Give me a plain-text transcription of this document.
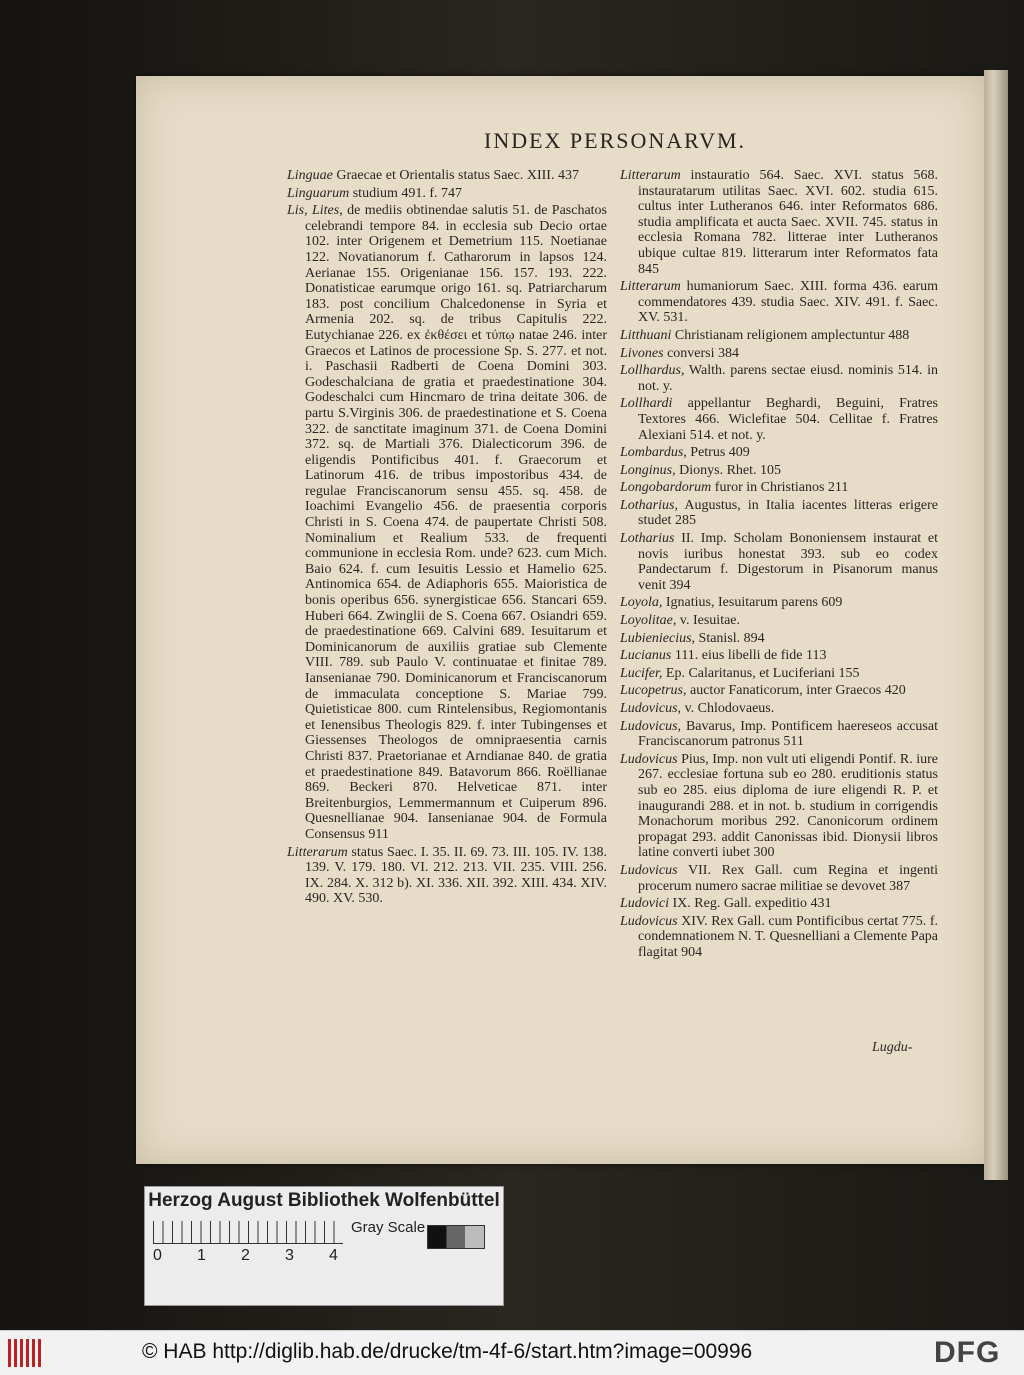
INDEX PERSONARVM.

Linguae Graecae et Orientalis status Saec. XIII. 437

Linguarum studium 491. f. 747

Lis, Lites, de mediis obtinendae salutis 51. de Paschatos celebrandi tempore 84. in ecclesia sub Decio ortae 102. inter Origenem et Demetrium 115. Noetianae 122. Novatianorum f. Catharorum in lapsos 124. Aerianae 155. Origenianae 156. 157. 193. 222. Donatisticae earumque origo 161. sq. Patriarcharum 183. post concilium Chalcedonense in Syria et Armenia 202. sq. de tribus Capitulis 222. Eutychianae 226. ex ἐκθέσει et τύπῳ natae 246. inter Graecos et Latinos de processione Sp. S. 277. et not. i. Paschasii Radberti de Coena Domini 303. Godeschalciana de gratia et praedestinatione 304. Godeschalci cum Hincmaro de trina deitate 306. de partu S.Virginis 306. de praedestinatione et S. Coena 322. de sanctitate imaginum 371. de Coena Domini 372. sq. de Martiali 376. Dialecticorum 396. de eligendis Pontificibus 401. f. Graecorum et Latinorum 416. de tribus impostoribus 434. de regulae Franciscanorum sensu 455. sq. 458. de Ioachimi Evangelio 456. de praesentia corporis Christi in S. Coena 474. de paupertate Christi 508. Nominalium et Realium 533. de frequenti communione in ecclesia Rom. unde? 623. cum Mich. Baio 624. f. cum Iesuitis Lessio et Hamelio 625. Antinomica 654. de Adiaphoris 655. Maioristica de bonis operibus 656. synergisticae 656. Stancari 659. Huberi 664. Zwinglii de S. Coena 667. Osiandri 659. de praedestinatione 669. Calvini 689. Iesuitarum et Dominicanorum de auxiliis gratiae sub Clemente VIII. 789. sub Paulo V. continuatae et finitae 789. Iansenianae 790. Dominicanorum et Franciscanorum de immaculata conceptione S. Mariae 799. Quietisticae 800. cum Rintelensibus, Regiomontanis et Ienensibus Theologis 829. f. inter Tubingenses et Giessenses Theologos de omnipraesentia carnis Christi 837. Praetorianae et Arndianae 840. de gratia et praedestinatione 849. Batavorum 866. Roëllianae 869. Beckeri 870. Helveticae 871. inter Breitenburgios, Lemmermannum et Cuiperum 896. Quesnellianae 904. Iansenianae 904. de Formula Consensus 911

Litterarum status Saec. I. 35. II. 69. 73. III. 105. IV. 138. 139. V. 179. 180. VI. 212. 213. VII. 235. VIII. 256. IX. 284. X. 312 b). XI. 336. XII. 392. XIII. 434. XIV. 490. XV. 530.

Litterarum instauratio 564. Saec. XVI. status 568. instauratarum utilitas Saec. XVI. 602. studia 615. cultus inter Lutheranos 646. inter Reformatos 686. studia amplificata et aucta Saec. XVII. 745. status in ecclesia Romana 782. litterae inter Lutheranos ubique cultae 819. litterarum inter Reformatos fata 845

Litterarum humaniorum Saec. XIII. forma 436. earum commendatores 439. studia Saec. XIV. 491. f. Saec. XV. 531.

Litthuani Christianam religionem amplectuntur 488

Livones conversi 384

Lollhardus, Walth. parens sectae eiusd. nominis 514. in not. y.

Lollhardi appellantur Beghardi, Beguini, Fratres Textores 466. Wiclefitae 504. Cellitae f. Fratres Alexiani 514. et not. y.

Lombardus, Petrus 409

Longinus, Dionys. Rhet. 105

Longobardorum furor in Christianos 211

Lotharius, Augustus, in Italia iacentes litteras erigere studet 285

Lotharius II. Imp. Scholam Bononiensem instaurat et novis iuribus honestat 393. sub eo codex Pandectarum f. Digestorum in Pisanorum manus venit 394

Loyola, Ignatius, Iesuitarum parens 609

Loyolitae, v. Iesuitae.

Lubieniecius, Stanisl. 894

Lucianus 111. eius libelli de fide 113

Lucifer, Ep. Calaritanus, et Luciferiani 155

Lucopetrus, auctor Fanaticorum, inter Graecos 420

Ludovicus, v. Chlodovaeus.

Ludovicus, Bavarus, Imp. Pontificem haereseos accusat Franciscanorum patronus 511

Ludovicus Pius, Imp. non vult uti eligendi Pontif. R. iure 267. ecclesiae fortuna sub eo 280. eruditionis status sub eo 285. eius diploma de iure eligendi R. P. et inaugurandi 288. et in not. b. studium in corrigendis Monachorum moribus 292. Canonicorum ordinem propagat 293. addit Canonissas ibid. Dionysii libros latine converti iubet 300

Ludovicus VII. Rex Gall. cum Regina et ingenti procerum numero sacrae militiae se devovet 387

Ludovici IX. Reg. Gall. expeditio 431

Ludovicus XIV. Rex Gall. cum Pontificibus certat 775. f. condemnationem N. T. Quesnelliani a Clemente Papa flagitat 904

Lugdu-
Herzog August Bibliothek Wolfenbüttel
Gray Scale
0 1 2 3 4
© HAB http://diglib.hab.de/drucke/tm-4f-6/start.htm?image=00996	DFG
